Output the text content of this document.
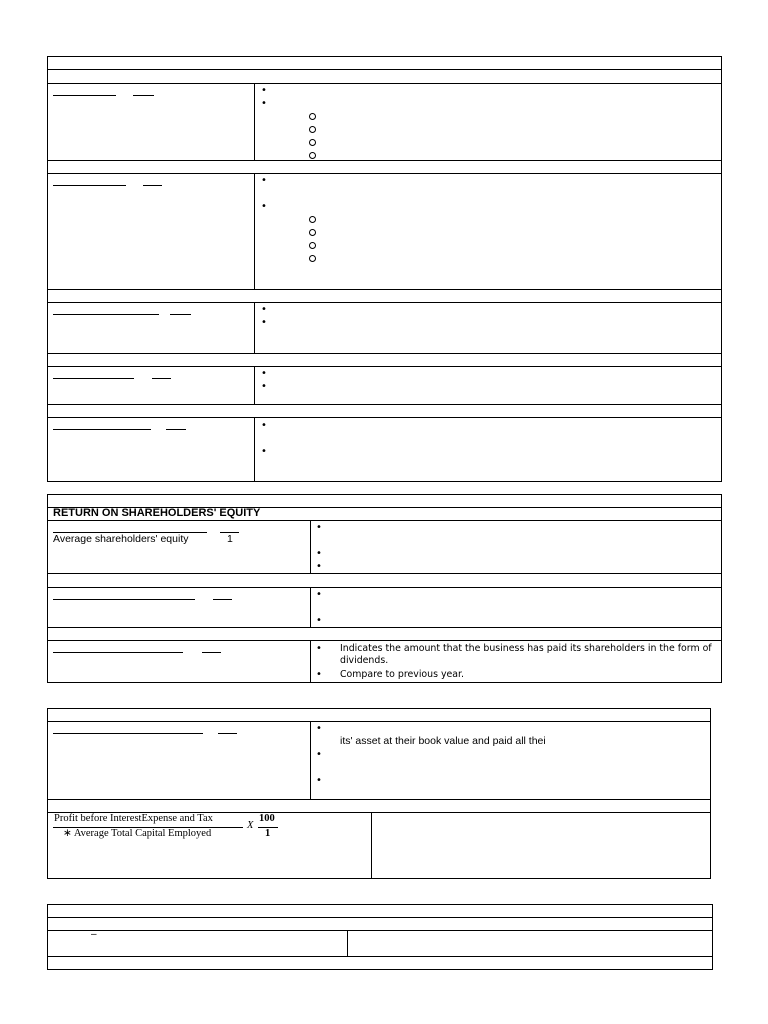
•
•
•
•
•
•
•
•
•
•
RETURN ON SHAREHOLDERS' EQUITY
Average shareholders' equity	1
•
•
•
•
•
• Indicates the amount that the business has paid its shareholders in the form of
dividends.
• Compare to previous year.
•
its' asset at their book value and paid all thei
•
•
Profit before InterestExpense and Tax
∗ Average Total Capital Employed
X
100
1
–
